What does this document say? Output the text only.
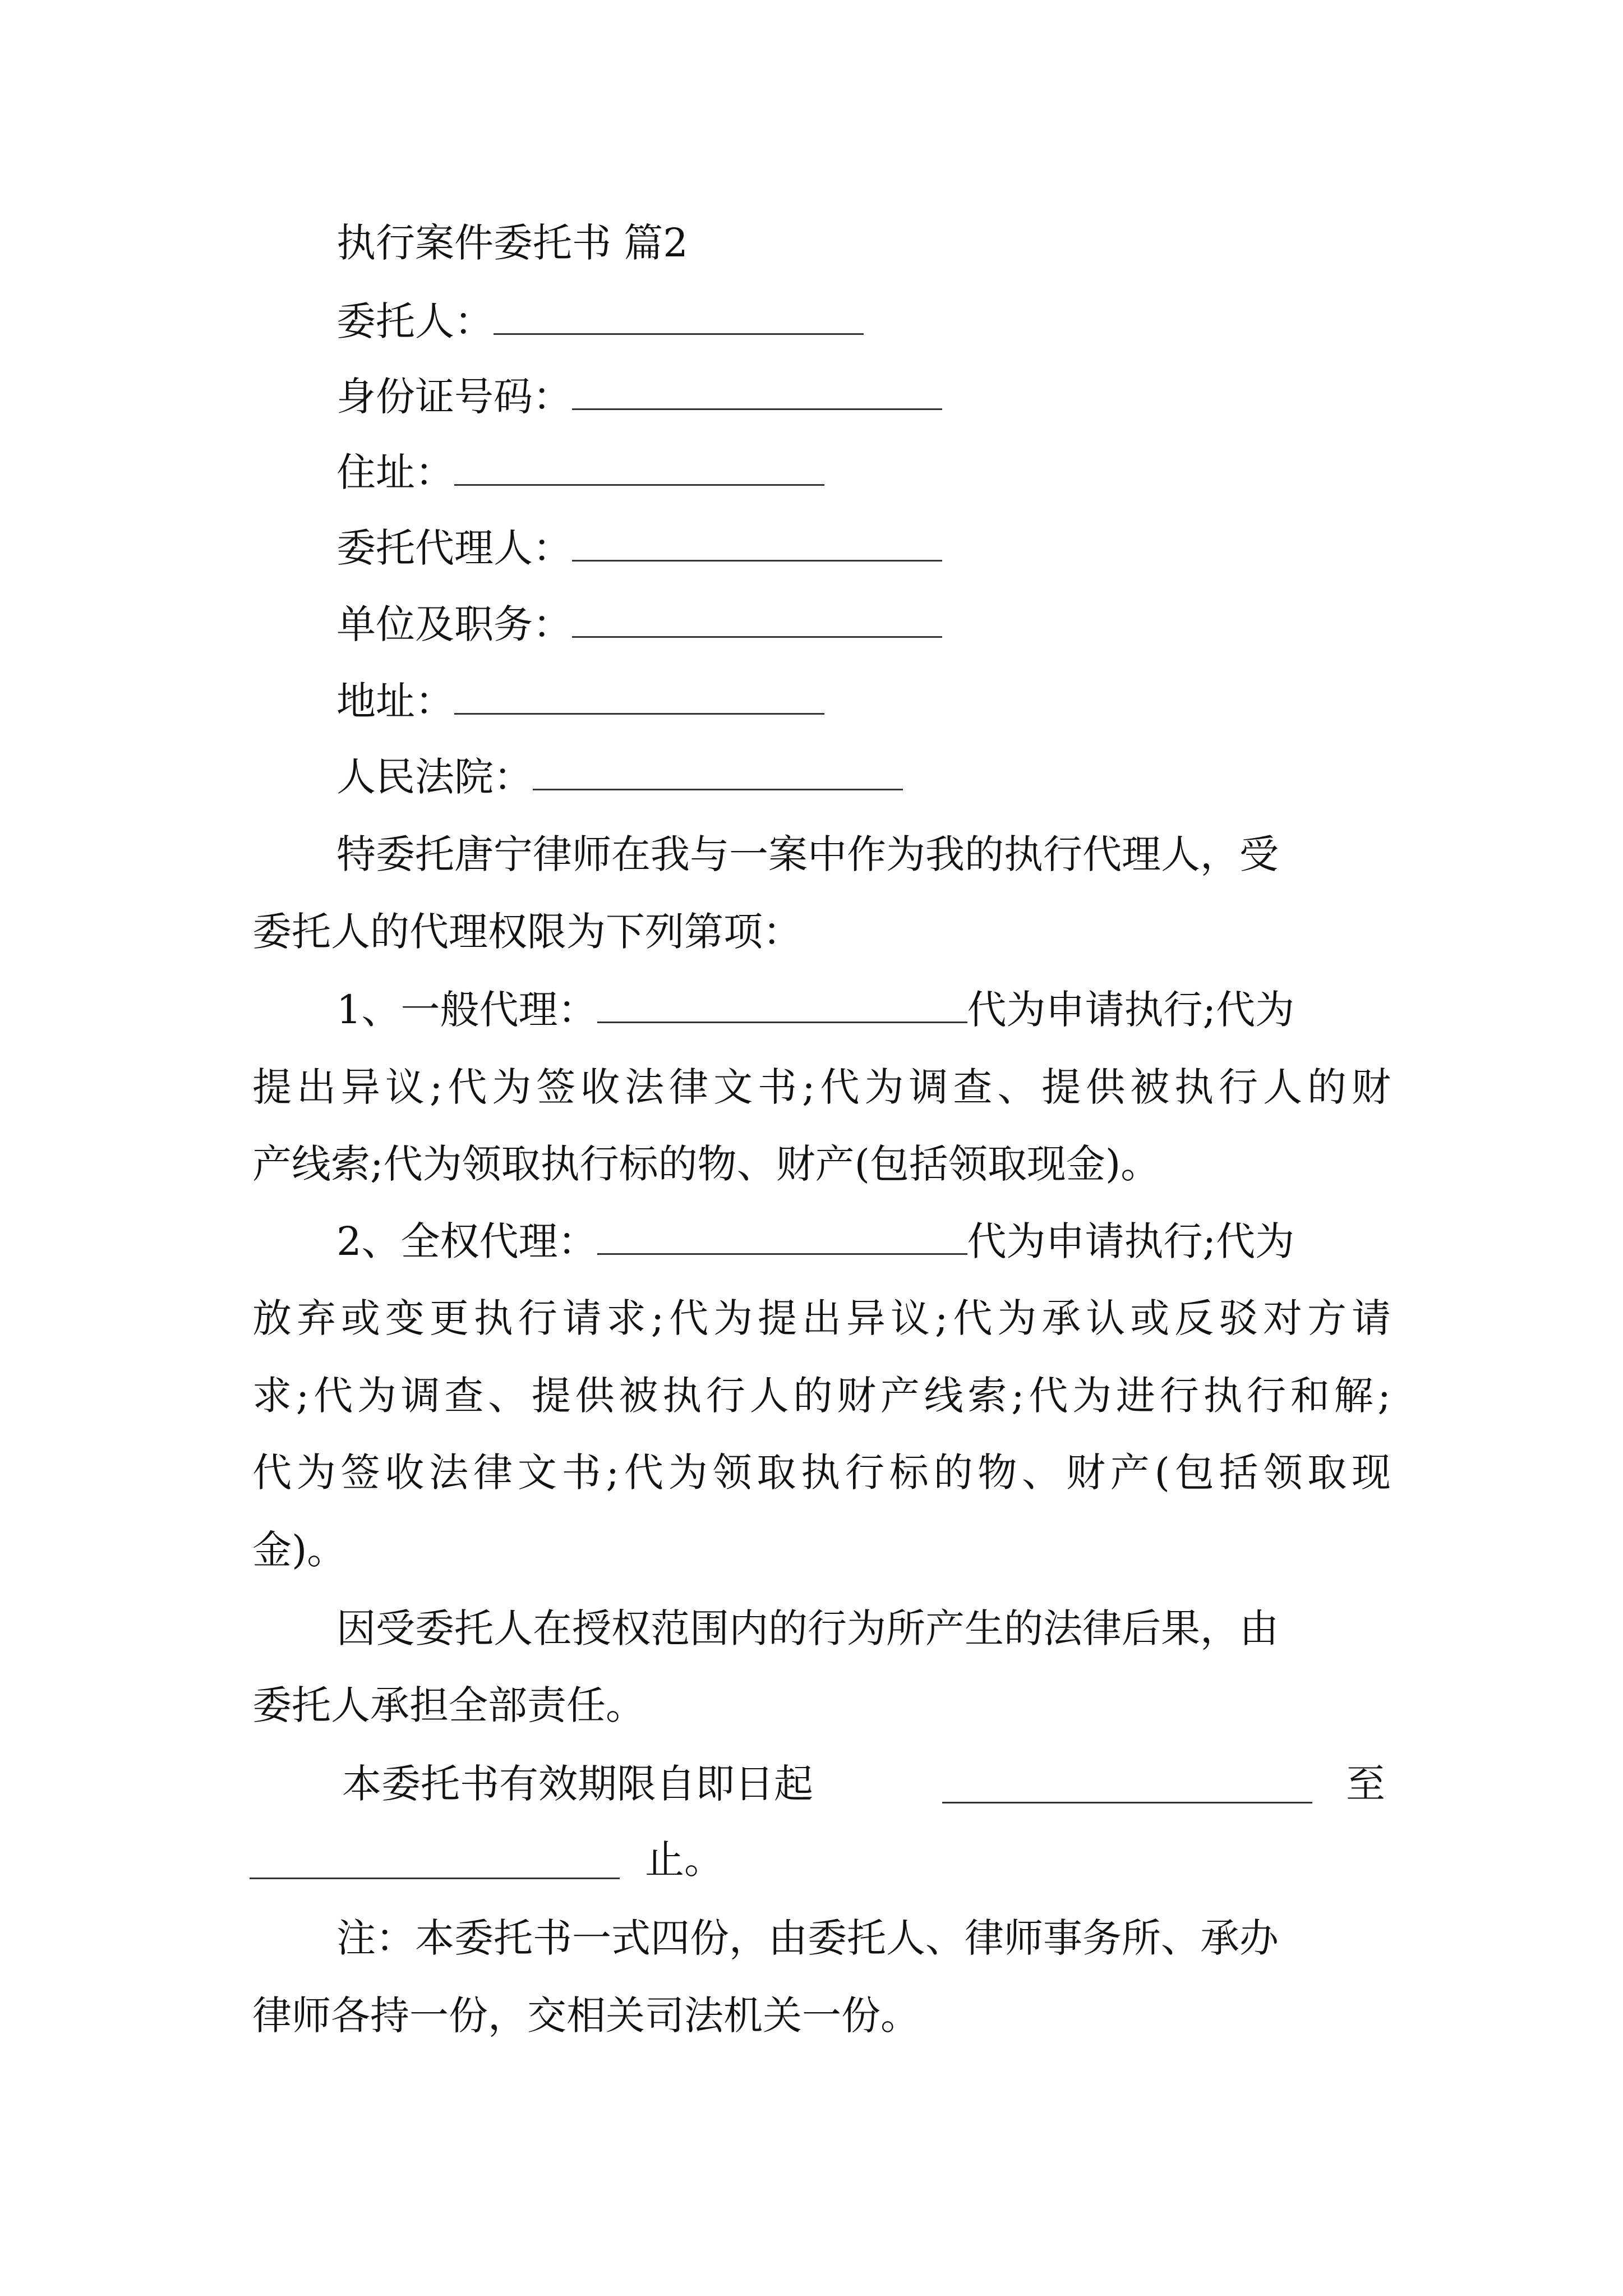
执行案件委托书 篇2
委托人：
身份证号码：
住址：
委托代理人：
单位及职务：
地址：
人民法院：
特委托唐宁律师在我与一案中作为我的执行代理人，受
委托人的代理权限为下列第项：
1、一般代理：	代为申请执行;代为
提出异议;代为签收法律文书;代为调查、提供被执行人的财
产线索;代为领取执行标的物、财产(包括领取现金)。
2、全权代理：	代为申请执行;代为
放弃或变更执行请求;代为提出异议;代为承认或反驳对方请
求;代为调查、提供被执行人的财产线索;代为进行执行和解;
代为签收法律文书;代为领取执行标的物、财产(包括领取现
金)。
因受委托人在授权范围内的行为所产生的法律后果，由
委托人承担全部责任。
本委托书有效期限自即日起	至
止。
注：本委托书一式四份，由委托人、律师事务所、承办
律师各持一份，交相关司法机关一份。
